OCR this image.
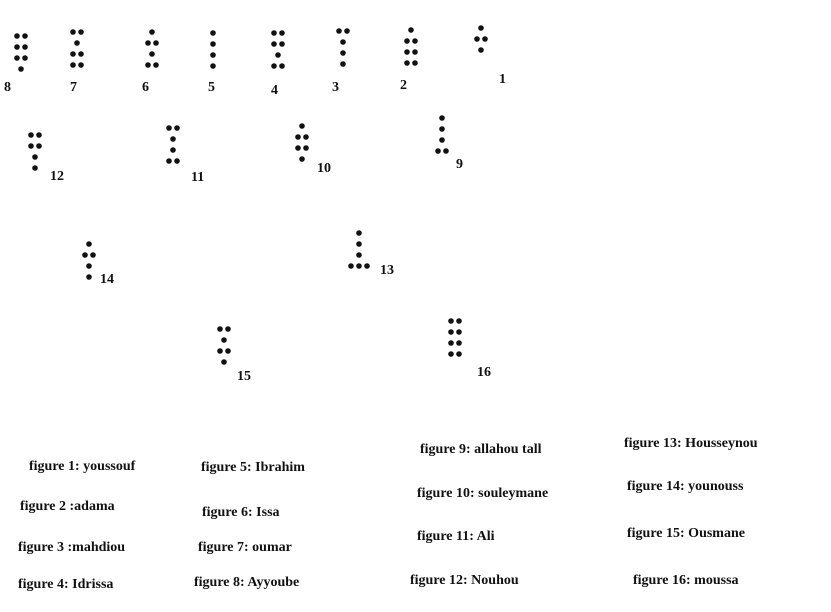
1
2
3
4
5
6
7
8
9
10
11
12
13
14
15	16
figure 1: youssouf
figure 2 :adama
figure 3 :mahdiou
figure 4: Idrissa
figure 5: Ibrahim
figure 6: Issa
figure 7: oumar
figure 8: Ayyoube
figure 9: allahou tall
figure 10: souleymane
figure 11: Ali
figure 12: Nouhou
figure 13: Housseynou
figure 14: younouss
figure 15: Ousmane
figure 16: moussa
